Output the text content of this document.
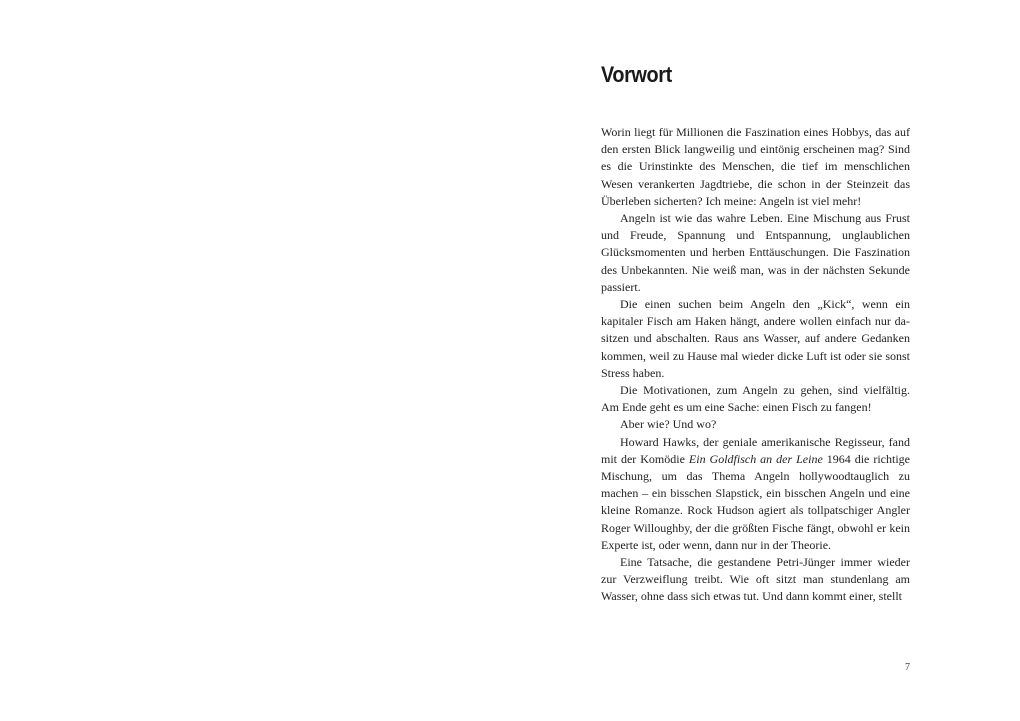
Vorwort

Worin liegt für Millionen die Faszination eines Hobbys, das auf den ersten Blick langweilig und eintönig erscheinen mag? Sind es die Urinstinkte des Menschen, die tief im menschlichen Wesen verankerten Jagdtriebe, die schon in der Steinzeit das Überleben sicherten? Ich meine: Angeln ist viel mehr!

Angeln ist wie das wahre Leben. Eine Mischung aus Frust und Freude, Spannung und Entspannung, unglaublichen Glücksmomenten und herben Enttäuschungen. Die Faszination des Unbekannten. Nie weiß man, was in der nächsten Sekunde passiert.

Die einen suchen beim Angeln den „Kick“, wenn ein kapitaler Fisch am Haken hängt, andere wollen einfach nur dasitzen und abschalten. Raus ans Wasser, auf andere Gedanken kommen, weil zu Hause mal wieder dicke Luft ist oder sie sonst Stress haben.

Die Motivationen, zum Angeln zu gehen, sind vielfältig. Am Ende geht es um eine Sache: einen Fisch zu fangen!

Aber wie? Und wo?

Howard Hawks, der geniale amerikanische Regisseur, fand mit der Komödie Ein Goldfisch an der Leine 1964 die richtige Mischung, um das Thema Angeln hollywoodtauglich zu machen – ein bisschen Slapstick, ein bisschen Angeln und eine kleine Romanze. Rock Hudson agiert als tollpatschiger Angler Roger Willoughby, der die größten Fische fängt, obwohl er kein Experte ist, oder wenn, dann nur in der Theorie.

Eine Tatsache, die gestandene Petri-Jünger immer wieder zur Verzweiflung treibt. Wie oft sitzt man stundenlang am Wasser, ohne dass sich etwas tut. Und dann kommt einer, stellt

7
